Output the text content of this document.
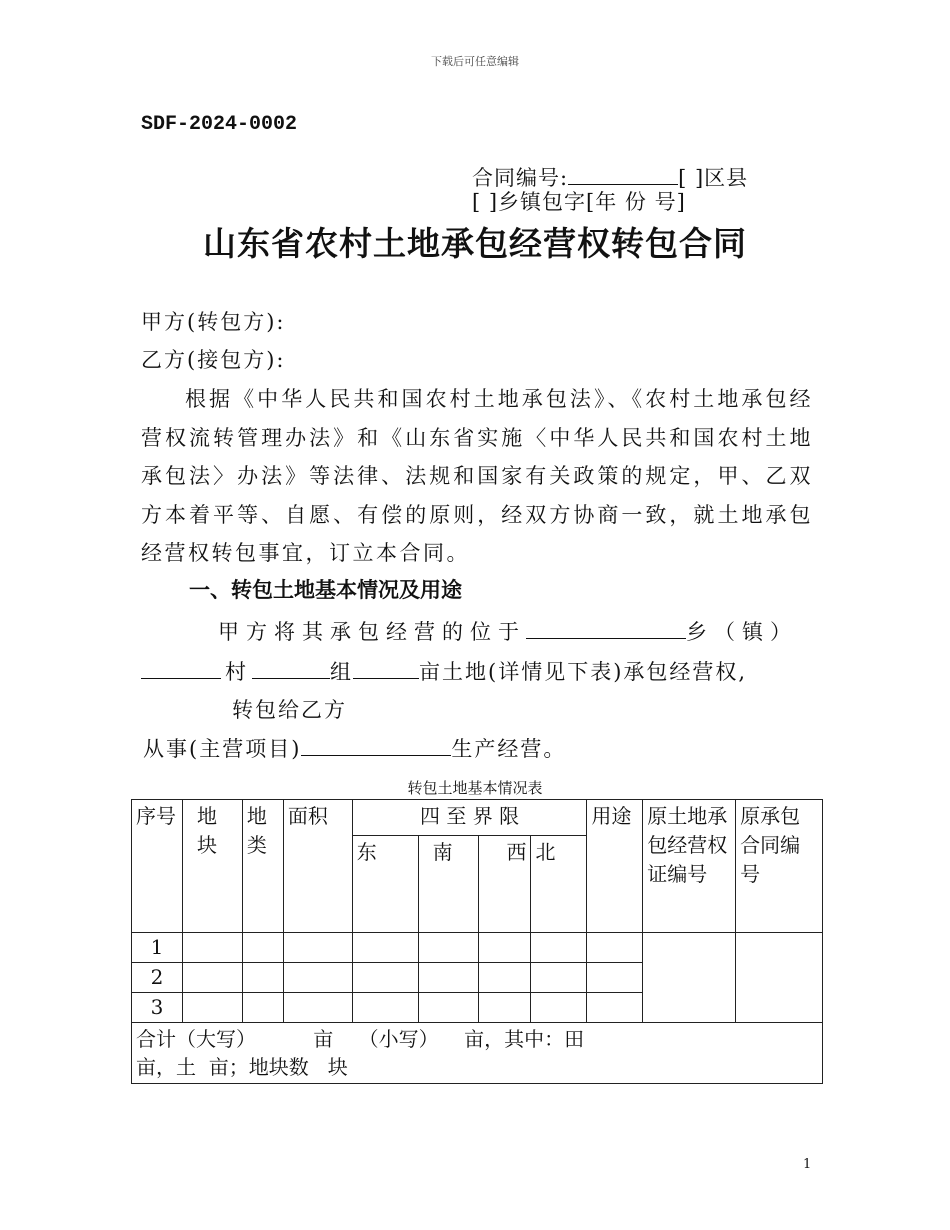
下载后可任意编辑
SDF-2024-0002
合同编号:	[ ]区县
[ ]乡镇包字[年 份 号]
山东省农村土地承包经营权转包合同
甲方(转包方):
乙方(接包方):
根据《中华人民共和国农村土地承包法》、《农村土地承包经营权流转管理办法》和《山东省实施〈中华人民共和国农村土地承包法〉办法》等法律、法规和国家有关政策的规定，甲、乙双方本着平等、自愿、有偿的原则，经双方协商一致，就土地承包经营权转包事宜，订立本合同。
一、转包土地基本情况及用途
甲方将其承包经营的位于	乡（镇）
村	组	亩土地(详情见下表)承包经营权,
转包给乙方
从事(主营项目)	生产经营。
转包土地基本情况表
序号	地 块	地类	面积	四 至 界 限				用途	原土地承包经营权证编号	原承包合同编号
				东	南	西	北			
1										
2										
3										
合计（大写）         亩    （小写）    亩，其中：田
亩，土  亩；地块数   块										
1
